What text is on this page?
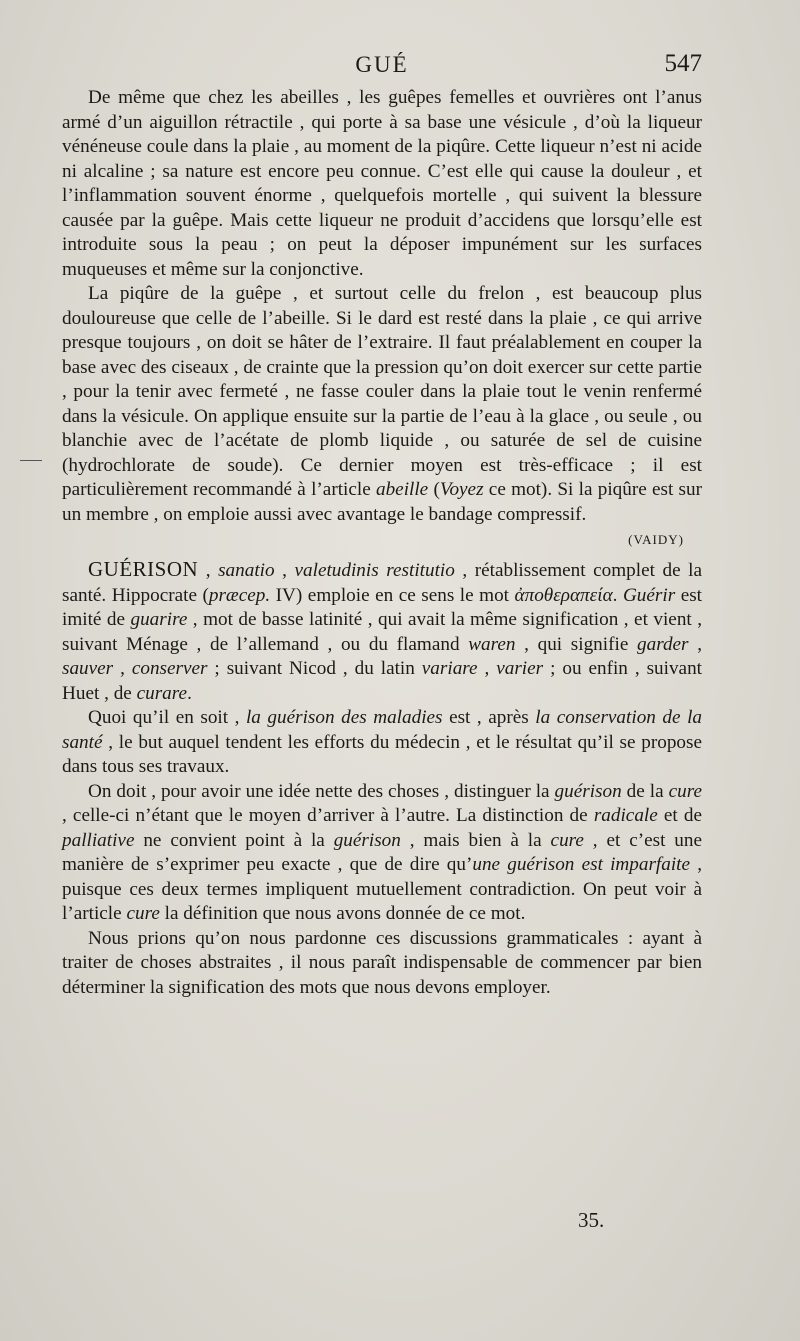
GUÉ	547

De même que chez les abeilles , les guêpes femelles et ouvrières ont l’anus armé d’un aiguillon rétractile , qui porte à sa base une vésicule , d’où la liqueur vénéneuse coule dans la plaie , au moment de la piqûre. Cette liqueur n’est ni acide ni alcaline ; sa nature est encore peu connue. C’est elle qui cause la douleur , et l’inflammation souvent énorme , quelquefois mortelle , qui suivent la blessure causée par la guêpe. Mais cette liqueur ne produit d’accidens que lorsqu’elle est introduite sous la peau ; on peut la déposer impunément sur les surfaces muqueuses et même sur la conjonctive.

La piqûre de la guêpe , et surtout celle du frelon , est beaucoup plus douloureuse que celle de l’abeille. Si le dard est resté dans la plaie , ce qui arrive presque toujours , on doit se hâter de l’extraire. Il faut préalablement en couper la base avec des ciseaux , de crainte que la pression qu’on doit exercer sur cette partie , pour la tenir avec fermeté , ne fasse couler dans la plaie tout le venin renfermé dans la vésicule. On applique ensuite sur la partie de l’eau à la glace , ou seule , ou blanchie avec de l’acétate de plomb liquide , ou saturée de sel de cuisine (hydrochlorate de soude). Ce dernier moyen est très-efficace ; il est particulièrement recommandé à l’article abeille (Voyez ce mot). Si la piqûre est sur un membre , on emploie aussi avec avantage le bandage compressif.

(VAIDY)

GUÉRISON , sanatio , valetudinis restitutio , rétablissement complet de la santé. Hippocrate (præcep. IV) emploie en ce sens le mot ἀποθεραπεία. Guérir est imité de guarire , mot de basse latinité , qui avait la même signification , et vient , suivant Ménage , de l’allemand , ou du flamand waren , qui signifie garder , sauver , conserver ; suivant Nicod , du latin variare , varier ; ou enfin , suivant Huet , de curare.

Quoi qu’il en soit , la guérison des maladies est , après la conservation de la santé , le but auquel tendent les efforts du médecin , et le résultat qu’il se propose dans tous ses travaux.

On doit , pour avoir une idée nette des choses , distinguer la guérison de la cure , celle-ci n’étant que le moyen d’arriver à l’autre. La distinction de radicale et de palliative ne convient point à la guérison , mais bien à la cure , et c’est une manière de s’exprimer peu exacte , que de dire qu’une guérison est imparfaite , puisque ces deux termes impliquent mutuellement contradiction. On peut voir à l’article cure la définition que nous avons donnée de ce mot.

Nous prions qu’on nous pardonne ces discussions grammaticales : ayant à traiter de choses abstraites , il nous paraît indispensable de commencer par bien déterminer la signification des mots que nous devons employer.

35.
